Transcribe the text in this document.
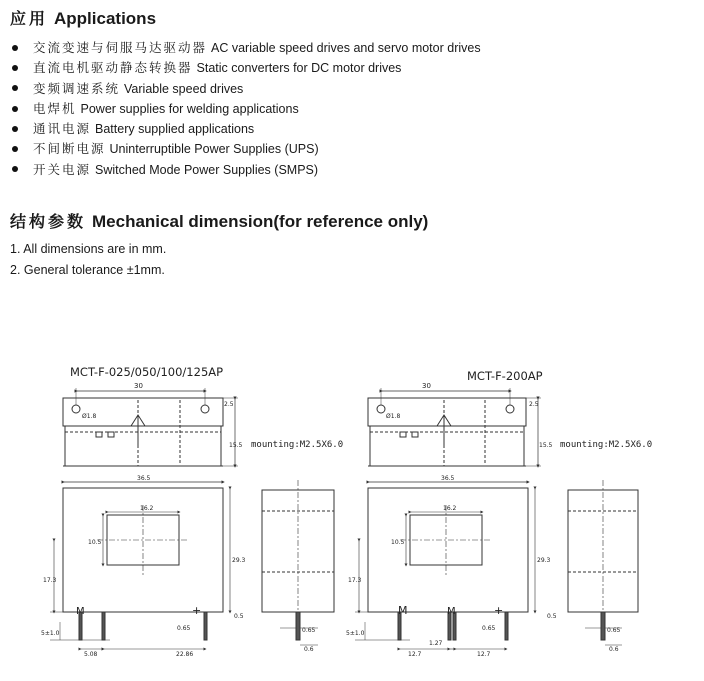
应用 Applications
交流变速与伺服马达驱动器 AC variable speed drives and servo motor drives
直流电机驱动静态转换器 Static converters for DC motor drives
变频调速系统 Variable speed drives
电焊机 Power supplies for welding applications
通讯电源 Battery supplied applications
不间断电源 Uninterruptible Power Supplies (UPS)
开关电源 Switched Mode Power Supplies (SMPS)
结构参数 Mechanical dimension(for reference only)
1. All dimensions are in mm.
2. General tolerance ±1mm.
MCT-F-025/050/100/125AP
30
Ø1.8
2.5
15.5 mounting:M2.5X6.0
36.5
16.2
10.5
29.3
17.3
0.5
5±1.0
0.65
5.08	22.86
M	+
0.65
0.6
MCT-F-200AP
30
Ø1.8
2.5
15.5 mounting:M2.5X6.0
36.5
16.2
10.5
29.3
17.3
0.5
5±1.0
0.65
12.7
1.27
12.7
M	M	+
0.65
0.6
